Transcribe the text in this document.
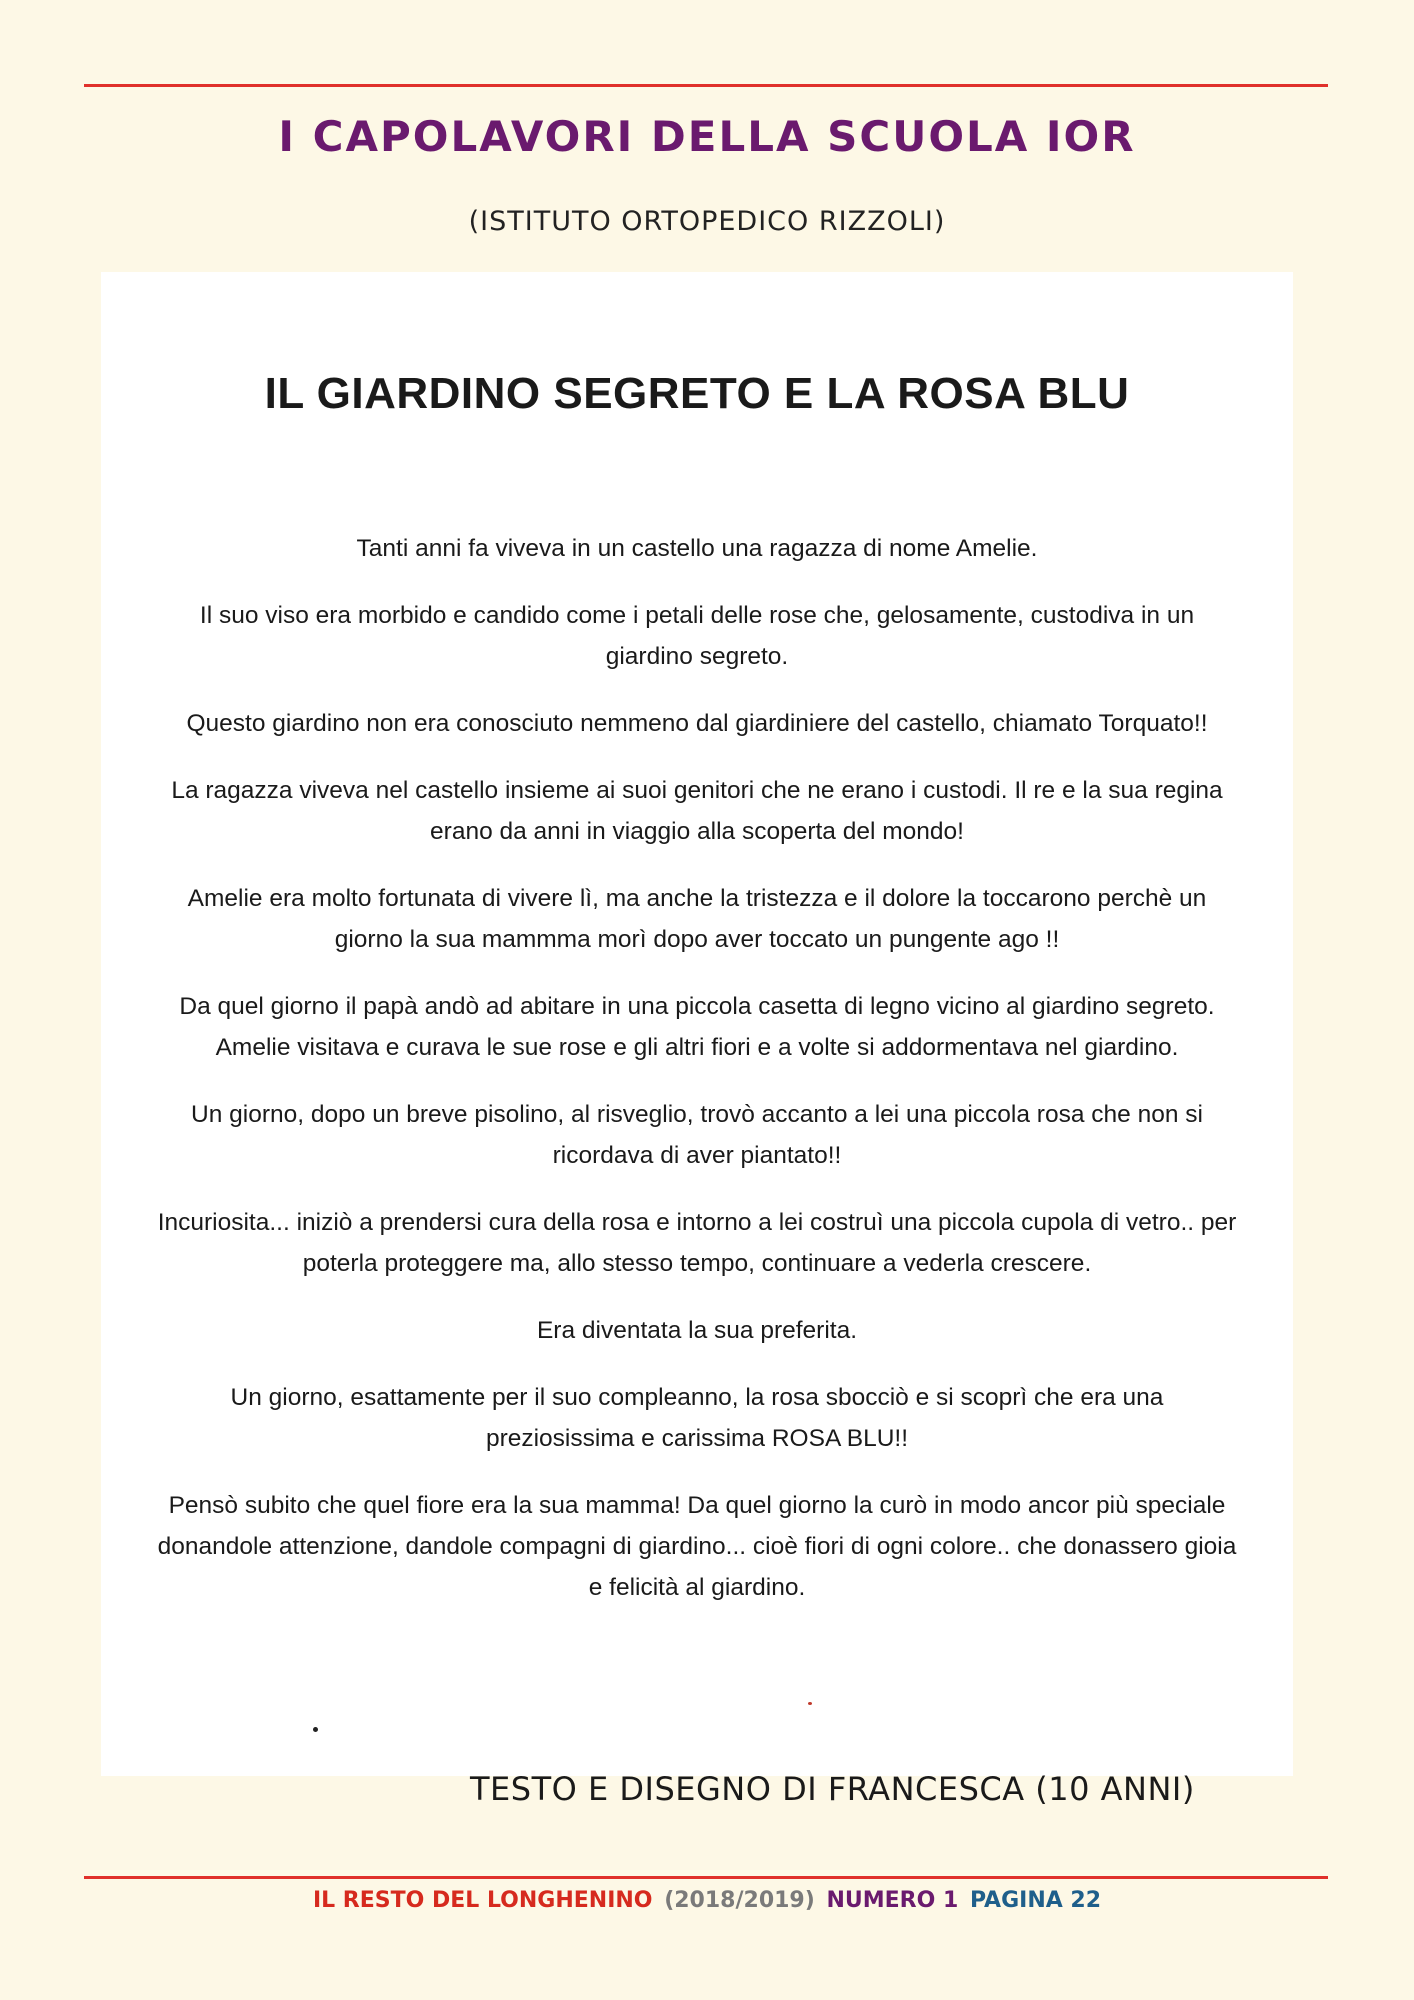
I CAPOLAVORI DELLA SCUOLA IOR
(ISTITUTO ORTOPEDICO RIZZOLI)
IL GIARDINO SEGRETO E LA ROSA BLU

Tanti anni fa viveva in un castello una ragazza di nome Amelie.

Il suo viso era morbido e candido come i petali delle rose che, gelosamente, custodiva in un giardino segreto.

Questo giardino non era conosciuto nemmeno dal giardiniere del castello, chiamato Torquato!!

La ragazza viveva nel castello insieme ai suoi genitori che ne erano i custodi. Il re e la sua regina erano da anni in viaggio alla scoperta del mondo!

Amelie era molto fortunata di vivere lì, ma anche la tristezza e il dolore la toccarono perchè un giorno la sua mammma morì dopo aver toccato un pungente ago !!

Da quel giorno il papà andò ad abitare in una piccola casetta di legno vicino al giardino segreto. Amelie visitava e curava le sue rose e gli altri fiori e a volte si addormentava nel giardino.

Un giorno, dopo un breve pisolino, al risveglio, trovò accanto a lei una piccola rosa che non si ricordava di aver piantato!!

Incuriosita... iniziò a prendersi cura della rosa e intorno a lei costruì una piccola cupola di vetro.. per poterla proteggere ma, allo stesso tempo, continuare a vederla crescere.

Era diventata la sua preferita.

Un giorno, esattamente per il suo compleanno, la rosa sbocciò e si scoprì che era una preziosissima e carissima ROSA BLU!!

Pensò subito che quel fiore era la sua mamma! Da quel giorno la curò in modo ancor più speciale donandole attenzione, dandole compagni di giardino... cioè fiori di ogni colore.. che donassero gioia e felicità al giardino.

TESTO E DISEGNO DI FRANCESCA (10 ANNI)
IL RESTO DEL LONGHENINO (2018/2019) NUMERO 1 PAGINA 22
